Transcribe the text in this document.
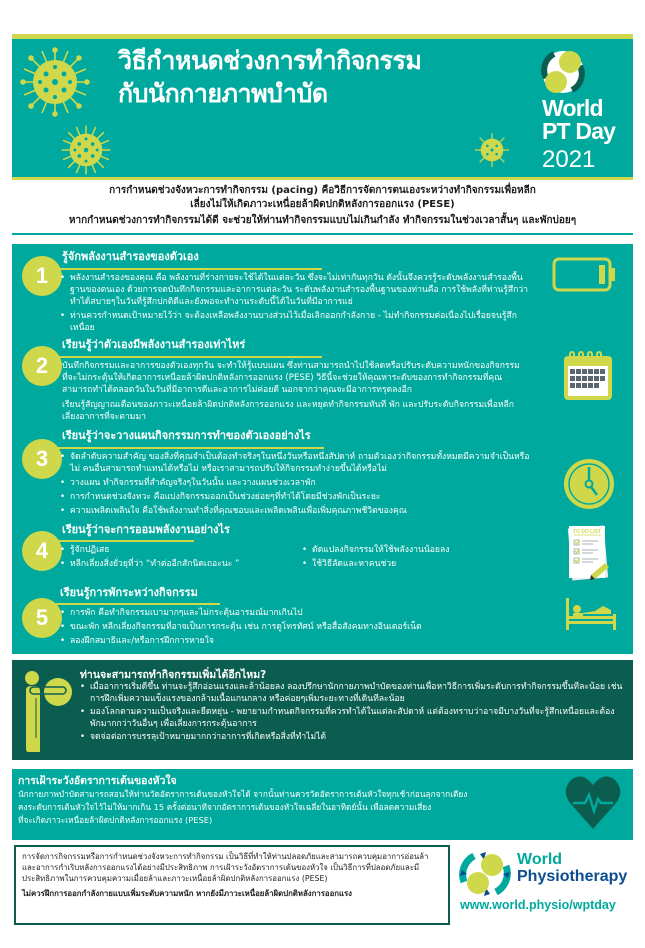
วิธีกำหนดช่วงการทำกิจกรรม
กับนักกายภาพบำบัด	World
PT Day
2021
การกำหนดช่วงจังหวะการทำกิจกรรม (pacing) คือวิธีการจัดการตนเองระหว่างทำกิจกรรมเพื่อหลีก
เลี่ยงไม่ให้เกิดภาวะเหนื่อยล้าผิดปกติหลังการออกแรง (PESE)
หากกำหนดช่วงการทำกิจกรรมได้ดี จะช่วยให้ท่านทำกิจกรรมแบบไม่เกินกำลัง ทำกิจกรรมในช่วงเวลาสั้นๆ และพักบ่อยๆ
1
รู้จักพลังงานสำรองของตัวเอง
• พลังงานสำรองของคุณ คือ พลังงานที่ร่างกายจะใช้ได้ในแต่ละวัน ซึ่งจะไม่เท่ากันทุกวัน ดังนั้นจึงควรรู้ระดับพลังงานสำรองพื้นฐานของตนเอง ด้วยการจดบันทึกกิจกรรมและอาการแต่ละวัน ระดับพลังงานสำรองพื้นฐานของท่านคือ การใช้พลังที่ท่านรู้สึกว่าทำได้สบายๆในวันที่รู้สึกปกติดีและยังพอจะทำงานระดับนี้ได้ในวันที่มีอาการแย่
• ท่านควรกำหนดเป้าหมายไว้ว่า จะต้องเหลือพลังงานบางส่วนไว้เมื่อเลิกออกกำลังกาย - ไม่ทำกิจกรรมต่อเนื่องไปเรื่อยจนรู้สึกเหนื่อย
2
เรียนรู้ว่าตัวเองมีพลังงานสำรองเท่าไหร่

บันทึกกิจกรรมและอาการของตัวเองทุกวัน จะทำให้รู้แบบแผน ซึ่งท่านสามารถนำไปใช้ลดหรือปรับระดับความหนักของกิจกรรมที่จะไม่กระตุ้นให้เกิดอาการเหนื่อยล้าผิดปกติหลังการออกแรง (PESE) วิธีนี้จะช่วยให้คุณหาระดับของการทำกิจกรรมที่คุณสามารถทำได้ตลอดวันในวันที่มีอาการดีและอาการไม่ค่อยดี นอกจากว่าคุณจะมีอาการทรุดลงอีก

เรียนรู้สัญญาณเตือนของภาวะเหนื่อยล้าผิดปกติหลังการออกแรง และหยุดทำกิจกรรมทันที พัก และปรับระดับกิจกรรมเพื่อหลีกเลี่ยงอาการที่จะตามมา

3
เรียนรู้ว่าจะวางแผนกิจกรรมการทำของตัวเองอย่างไร
• จัดลำดับความสำคัญ ของสิ่งที่คุณจำเป็นต้องทำจริงๆในหนึ่งวันหรือหนึ่งสัปดาห์ ถามตัวเองว่ากิจกรรมทั้งหมดมีความจำเป็นหรือไม่ คนอื่นสามารถทำแทนได้หรือไม่ หรือเราสามารถปรับให้กิจกรรมทำง่ายขึ้นได้หรือไม่
• วางแผน ทำกิจกรรมที่สำคัญจริงๆในวันนั้น และวางแผนช่วงเวลาพัก
• การกำหนดช่วงจังหวะ คือแบ่งกิจกรรมออกเป็นช่วงย่อยๆที่ทำได้โดยมีช่วงพักเป็นระยะ
• ความเพลิดเพลินใจ คือใช้พลังงานทำสิ่งที่คุณชอบและเพลิดเพลินเพื่อเพิ่มคุณภาพชีวิตของคุณ
4
เรียนรู้ว่าจะการออมพลังงานอย่างไร
• รู้จักปฏิเสธ
• หลีกเลี่ยงสิ่งยั่วยุที่ว่า “ทำต่ออีกสักนิดเถอะนะ ”
• ดัดแปลงกิจกรรมให้ใช้พลังงานน้อยลง
• ใช้วิธีลัดและหาคนช่วย
TO DO LIST
5
เรียนรู้การพักระหว่างกิจกรรม
• การพัก คือทำกิจกรรมเบามากๆและไม่กระตุ้นอารมณ์มากเกินไป
• ขณะพัก หลีกเลี่ยงกิจกรรมที่อาจเป็นการกระตุ้น เช่น การดูโทรทัศน์ หรือสื่อสังคมทางอินเตอร์เน็ต
• ลองฝึกสมาธิและ/หรือการฝึกการหายใจ
ท่านจะสามารถทำกิจกรรมเพิ่มได้อีกไหม?
• เมื่ออาการเริ่มดีขึ้น ท่านจะรู้สึกอ่อนแรงและล้าน้อยลง ลองปรึกษานักกายภาพบำบัดของท่านเพื่อหาวิธีการเพิ่มระดับการทำกิจกรรมขึ้นทีละน้อย เช่น การฝึกเพิ่มความแข็งแรงของกล้ามเนื้อแกนกลาง หรือค่อยๆเพิ่มระยะทางที่เดินทีละน้อย
• มองโลกตามความเป็นจริงและยืดหยุ่น - พยายามกำหนดกิจกรรมที่ควรทำได้ในแต่ละสัปดาห์ แต่ต้องทราบว่าอาจมีบางวันที่จะรู้สึกเหนื่อยและต้องพักมากกว่าวันอื่นๆ เพื่อเลี่ยงการกระตุ้นอาการ
• จดจ่อต่อการบรรลุเป้าหมายมากกว่าอาการที่เกิดหรือสิ่งที่ทำไม่ได้
การเฝ้าระวังอัตราการเต้นของหัวใจ
นักกายภาพบำบัดสามารถสอนให้ท่านวัดอัตราการเต้นของหัวใจได้ จากนั้นท่านควรวัดอัตราการเต้นหัวใจทุกเช้าก่อนลุกจากเตียง
คงระดับการเต้นหัวใจไว้ไม่ให้มากเกิน 15 ครั้งต่อนาทีจากอัตราการเต้นของหัวใจเฉลี่ยในอาทิตย์นั้น เพื่อลดความเสี่ยง
ที่จะเกิดภาวะเหนื่อยล้าผิดปกติหลังการออกแรง (PESE)
การจัดการกิจกรรมหรือการกำหนดช่วงจังหวะการทำกิจกรรม เป็นวิธีที่ทำให้ท่านปลอดภัยและสามารถควบคุมอาการอ่อนล้าและอาการกำเริบหลังการออกแรงได้อย่างมีประสิทธิภาพ การเฝ้าระวังอัตราการเต้นของหัวใจ เป็นวิธีการที่ปลอดภัยและมีประสิทธิภาพในการควบคุมความเมื่อยล้าและภาวะเหนื่อยล้าผิดปกติหลังการออกแรง (PESE)
ไม่ควรฝึกการออกกำลังกายแบบเพิ่มระดับความหนัก หากยังมีภาวะเหนื่อยล้าผิดปกติหลังการออกแรง
World
Physiotherapy
www.world.physio/wptday
